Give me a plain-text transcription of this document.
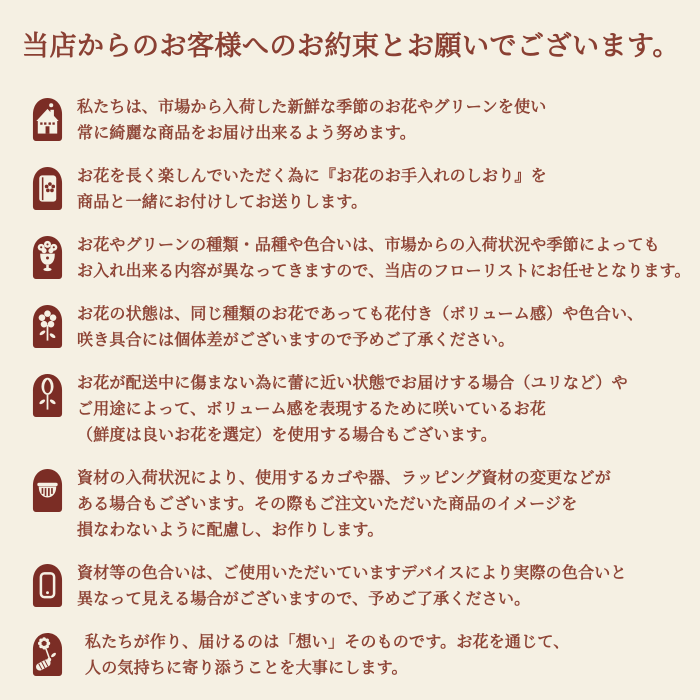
当店からのお客様へのお約束とお願いでございます。
私たちは、市場から入荷した新鮮な季節のお花やグリーンを使い
常に綺麗な商品をお届け出来るよう努めます。
お花を長く楽しんでいただく為に『お花のお手入れのしおり』を
商品と一緒にお付けしてお送りします。
お花やグリーンの種類・品種や色合いは、市場からの入荷状況や季節によっても
お入れ出来る内容が異なってきますので、当店のフローリストにお任せとなります。
お花の状態は、同じ種類のお花であっても花付き（ボリューム感）や色合い、
咲き具合には個体差がございますので予めご了承ください。
お花が配送中に傷まない為に蕾に近い状態でお届けする場合（ユリなど）や
ご用途によって、ボリューム感を表現するために咲いているお花
（鮮度は良いお花を選定）を使用する場合もございます。
資材の入荷状況により、使用するカゴや器、ラッピング資材の変更などが
ある場合もございます。その際もご注文いただいた商品のイメージを
損なわないように配慮し、お作りします。
資材等の色合いは、ご使用いただいていますデバイスにより実際の色合いと
異なって見える場合がございますので、予めご了承ください。
私たちが作り、届けるのは「想い」そのものです。お花を通じて、
人の気持ちに寄り添うことを大事にします。
